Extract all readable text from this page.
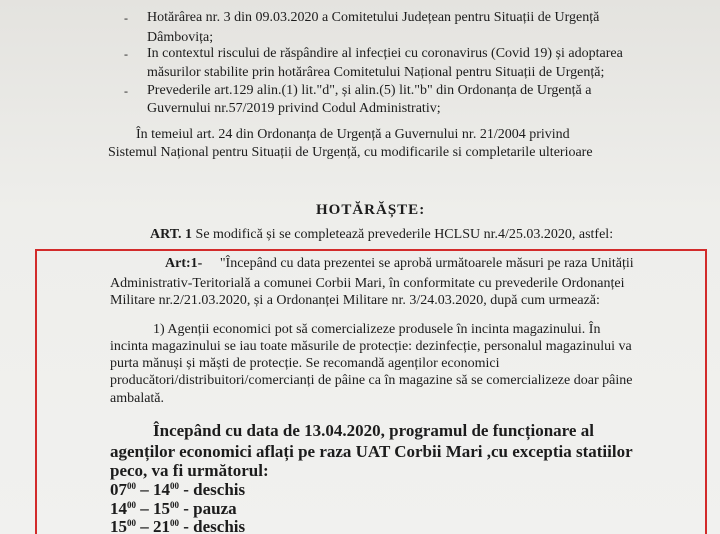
- Hotărârea nr. 3 din 09.03.2020 a Comitetului Județean pentru Situații de Urgență
Dâmbovița;
- In contextul riscului de răspândire al infecției cu coronavirus (Covid 19) și adoptarea
măsurilor stabilite prin hotărârea Comitetului Național pentru Situații de Urgență;
- Prevederile art.129 alin.(1) lit."d", și alin.(5) lit."b" din Ordonanța de Urgență a
Guvernului nr.57/2019 privind Codul Administrativ;
În temeiul art. 24 din Ordonanța de Urgență a Guvernului nr. 21/2004 privind
Sistemul Național pentru Situații de Urgență, cu modificarile si completarile ulterioare
HOTĂRĂȘTE:
ART. 1 Se modifică și se completează prevederile HCLSU nr.4/25.03.2020, astfel:
Art:1- "Începând cu data prezentei se aprobă următoarele măsuri pe raza Unității
Administrativ-Teritorială a comunei Corbii Mari, în conformitate cu prevederile Ordonanței
Militare nr.2/21.03.2020, și a Ordonanței Militare nr. 3/24.03.2020, după cum urmează:
1) Agenții economici pot să comercializeze produsele în incinta magazinului. În
incinta magazinului se iau toate măsurile de protecție: dezinfecție, personalul magazinului va
purta mănuși și măști de protecție. Se recomandă agenților economici
producători/distribuitori/comercianți de pâine ca în magazine să se comercializeze doar pâine
ambalată.
Începând cu data de 13.04.2020, programul de funcționare al
agenților economici aflați pe raza UAT Corbii Mari ,cu exceptia statiilor
peco, va fi următorul:
$07^{00} - 14^{00}$ - deschis
$14^{00} - 15^{00}$ - pauza
$15^{00} - 21^{00}$ - deschis
